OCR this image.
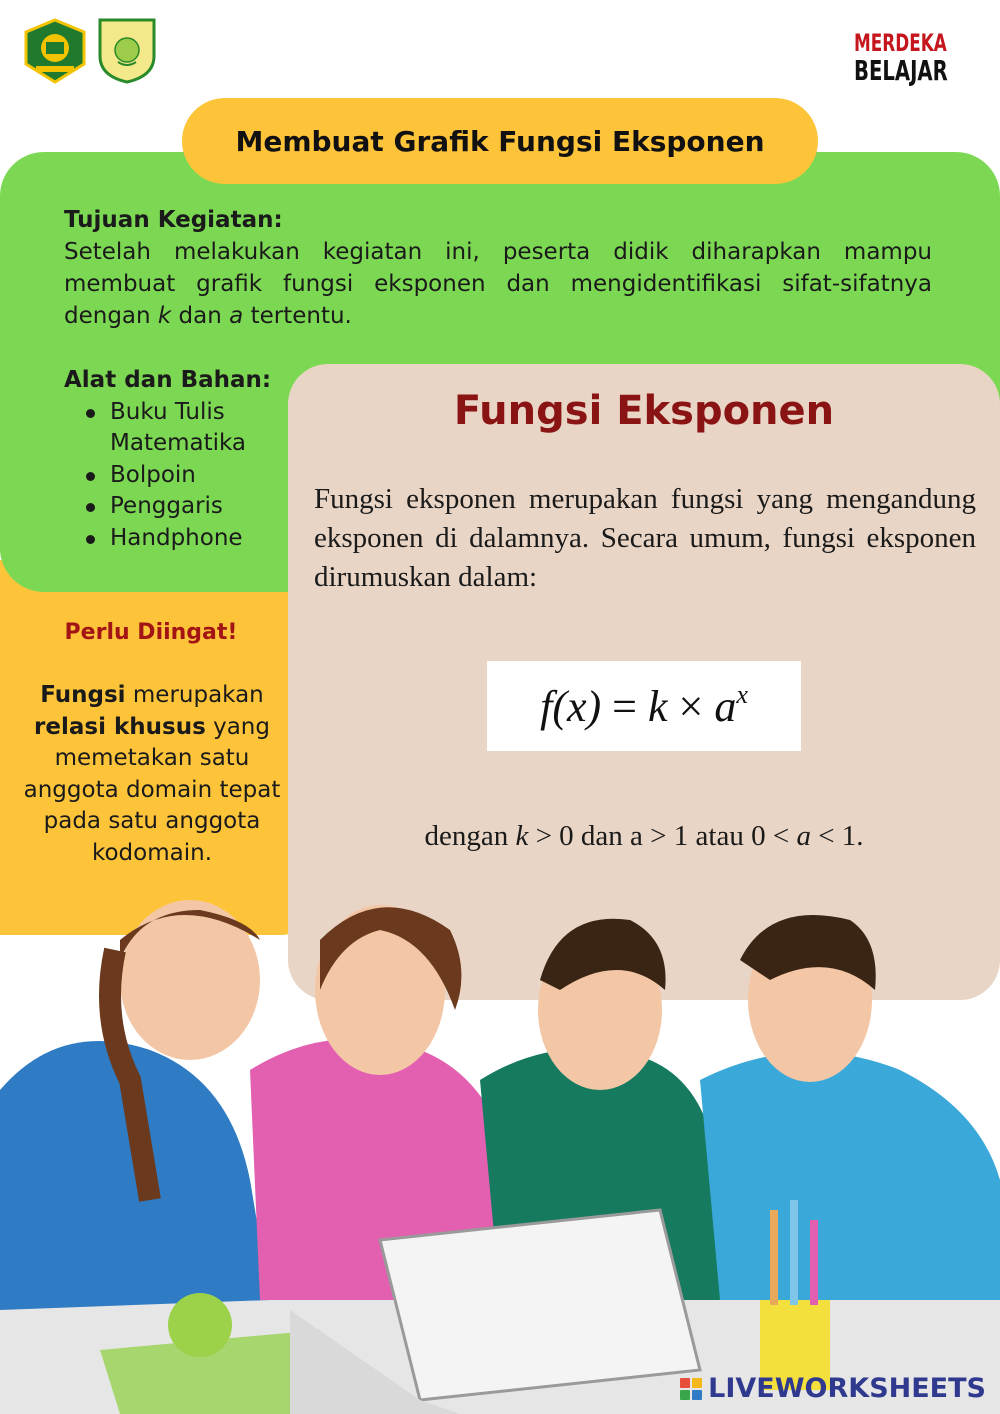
MERDEKA
BELAJAR
Membuat Grafik Fungsi Eksponen
Tujuan Kegiatan:
Setelah melakukan kegiatan ini, peserta didik diharapkan mampu membuat grafik fungsi eksponen dan mengidentifikasi sifat-sifatnya dengan k dan a tertentu.
Alat dan Bahan:
Buku Tulis Matematika
Bolpoin
Penggaris
Handphone
Perlu Diingat!
Fungsi merupakan relasi khusus yang memetakan satu anggota domain tepat pada satu anggota kodomain.
Fungsi Eksponen
Fungsi eksponen merupakan fungsi yang mengandung eksponen di dalamnya. Secara umum, fungsi eksponen dirumuskan dalam:
$f(x) = k \times a^x$
dengan k > 0 dan a > 1 atau 0 < a < 1.
LIVEWORKSHEETS
